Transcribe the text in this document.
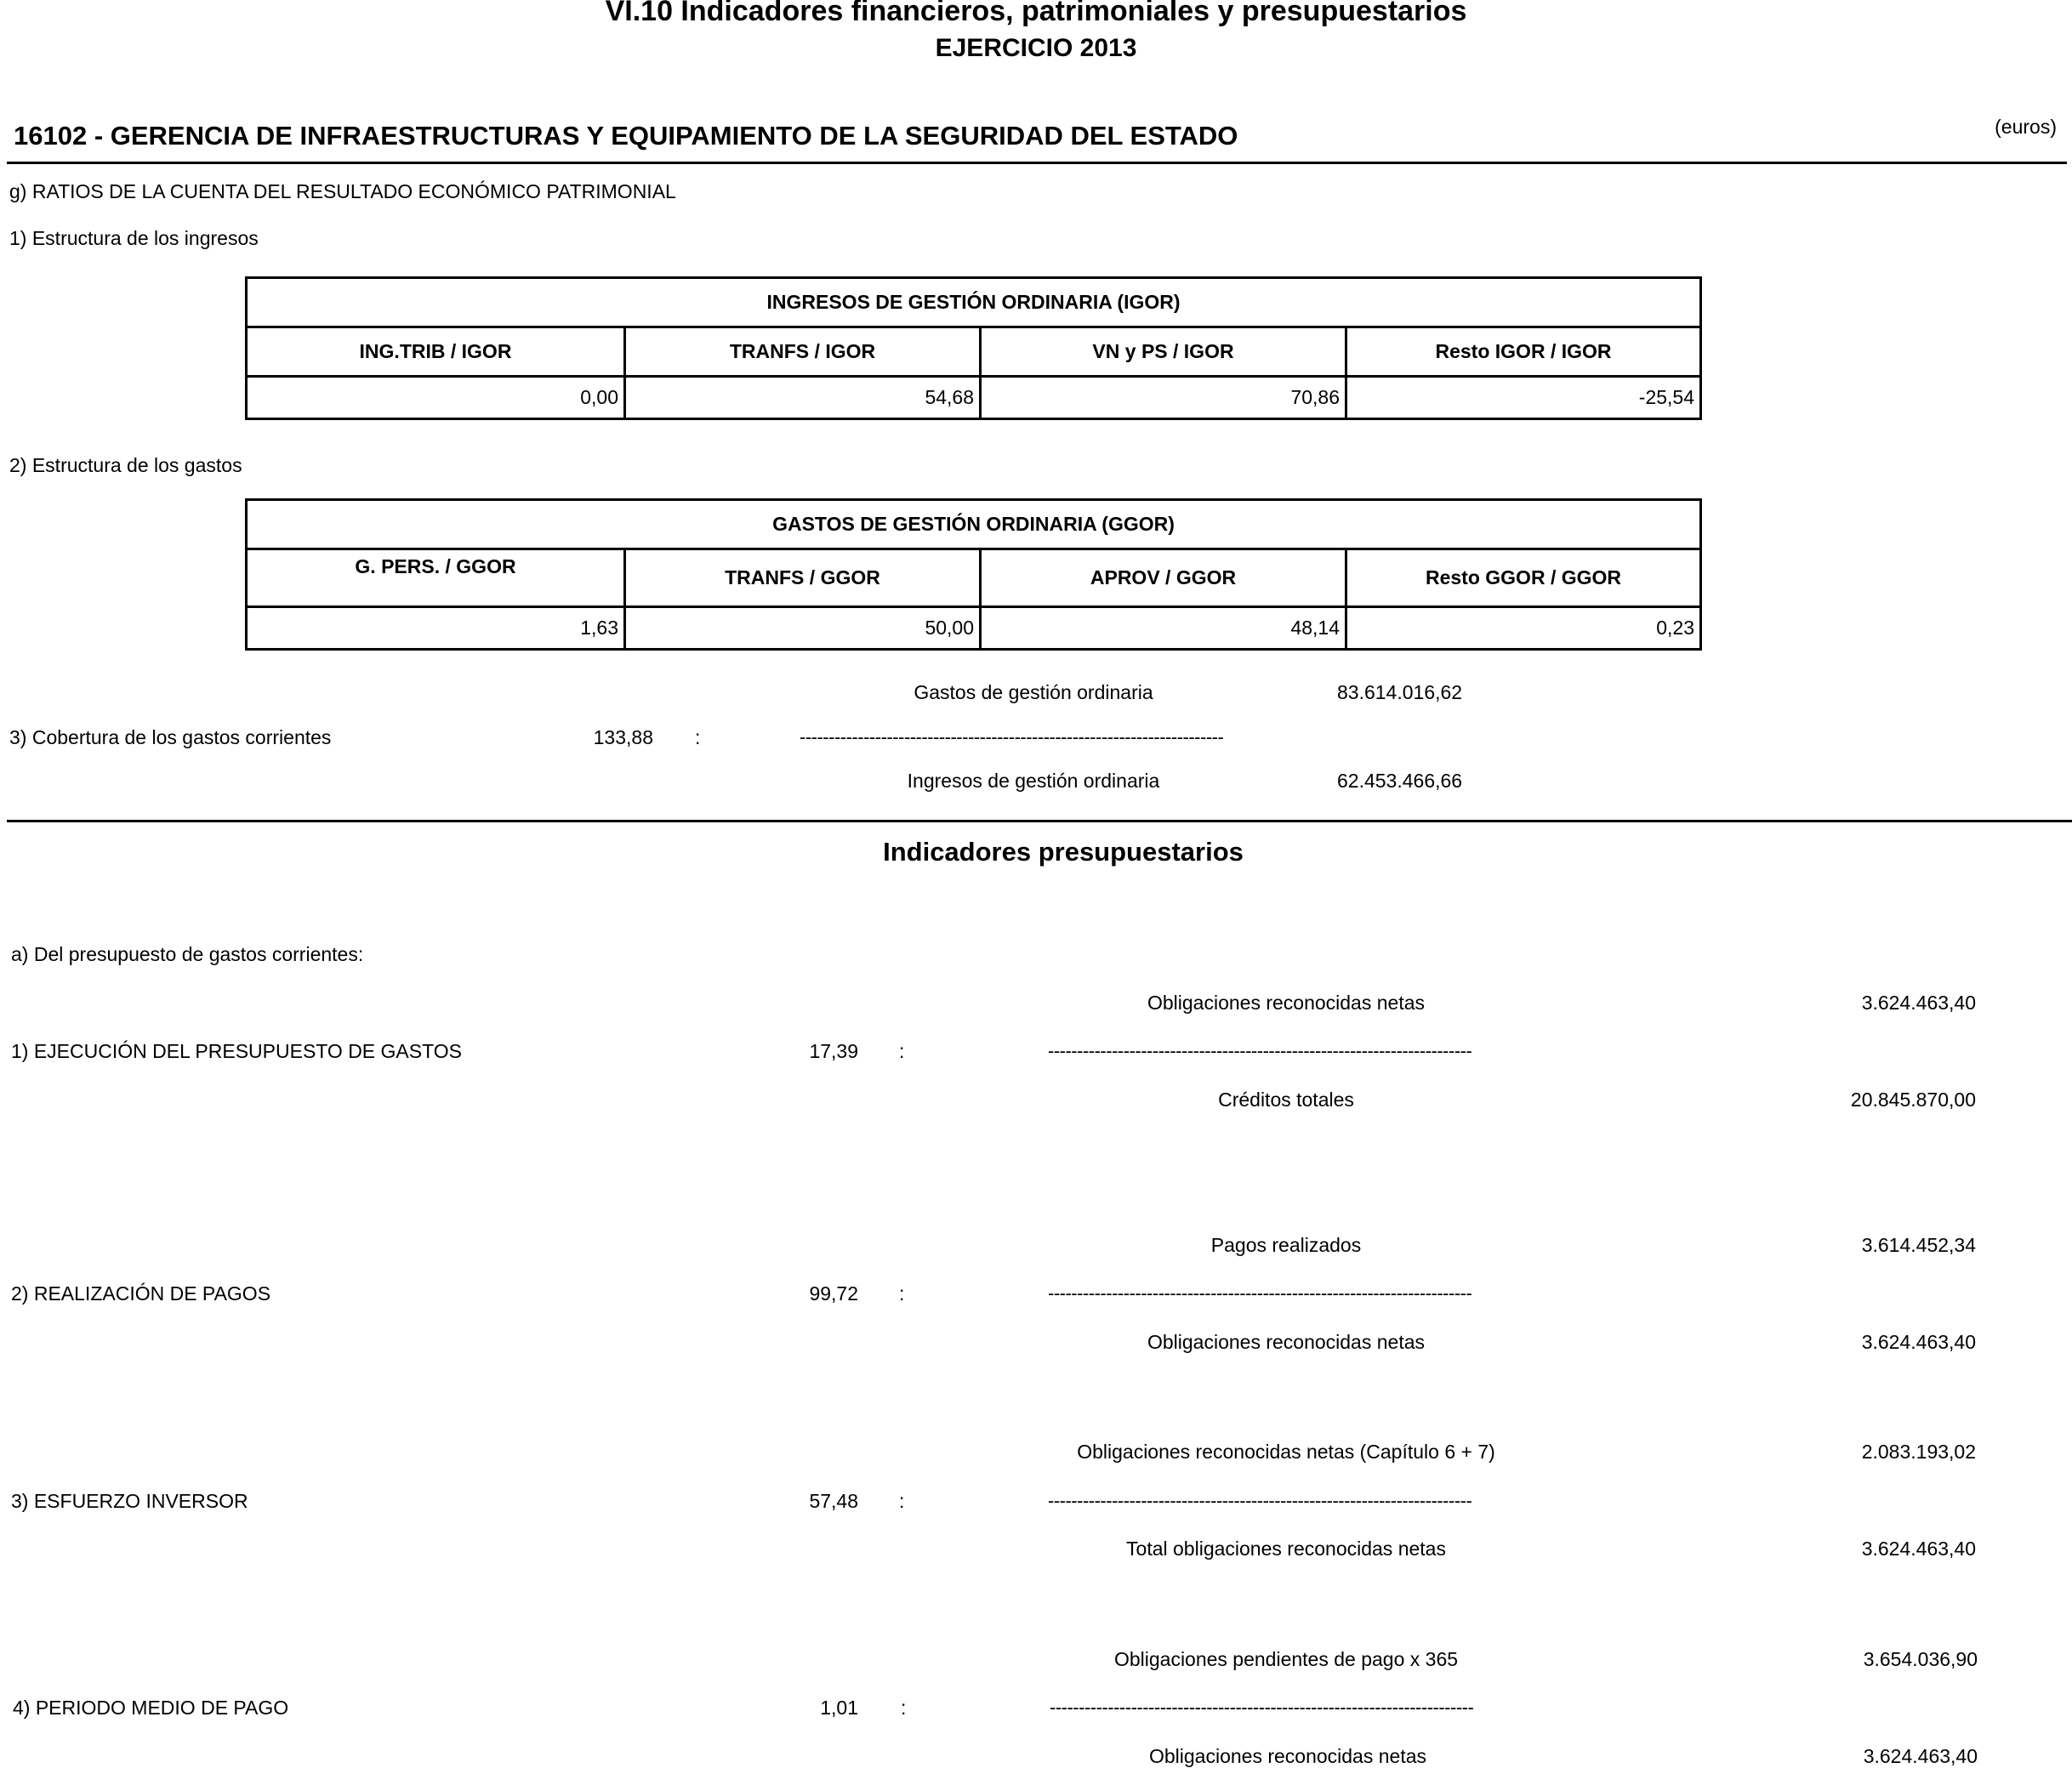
VI.10 Indicadores financieros, patrimoniales y presupuestarios
EJERCICIO 2013
16102 - GERENCIA DE INFRAESTRUCTURAS Y EQUIPAMIENTO DE LA SEGURIDAD DEL ESTADO	(euros)
g) RATIOS DE LA CUENTA DEL RESULTADO ECONÓMICO PATRIMONIAL
1) Estructura de los ingresos
INGRESOS DE GESTIÓN ORDINARIA (IGOR)			
ING.TRIB / IGOR	TRANFS / IGOR	VN y PS / IGOR	Resto IGOR / IGOR
0,00	54,68	70,86	-25,54
2) Estructura de los gastos
GASTOS DE GESTIÓN ORDINARIA (GGOR)			
G. PERS. / GGOR	TRANFS / GGOR	APROV / GGOR	Resto GGOR / GGOR
1,63	50,00	48,14	0,23
Gastos de gestión ordinaria	83.614.016,62
3) Cobertura de los gastos corrientes	133,88 :	-------------------------------------------------------------------------
Ingresos de gestión ordinaria	62.453.466,66
Indicadores presupuestarios
a) Del presupuesto de gastos corrientes:
Obligaciones reconocidas netas	3.624.463,40
1) EJECUCIÓN DEL PRESUPUESTO DE GASTOS	17,39 :	-------------------------------------------------------------------------
Créditos totales	20.845.870,00
Pagos realizados	3.614.452,34
2) REALIZACIÓN DE PAGOS	99,72 :	-------------------------------------------------------------------------
Obligaciones reconocidas netas	3.624.463,40
Obligaciones reconocidas netas (Capítulo 6 + 7)	2.083.193,02
3) ESFUERZO INVERSOR	57,48 :	-------------------------------------------------------------------------
Total obligaciones reconocidas netas	3.624.463,40
Obligaciones pendientes de pago x 365	3.654.036,90
4) PERIODO MEDIO DE PAGO	1,01 :	-------------------------------------------------------------------------
Obligaciones reconocidas netas	3.624.463,40
